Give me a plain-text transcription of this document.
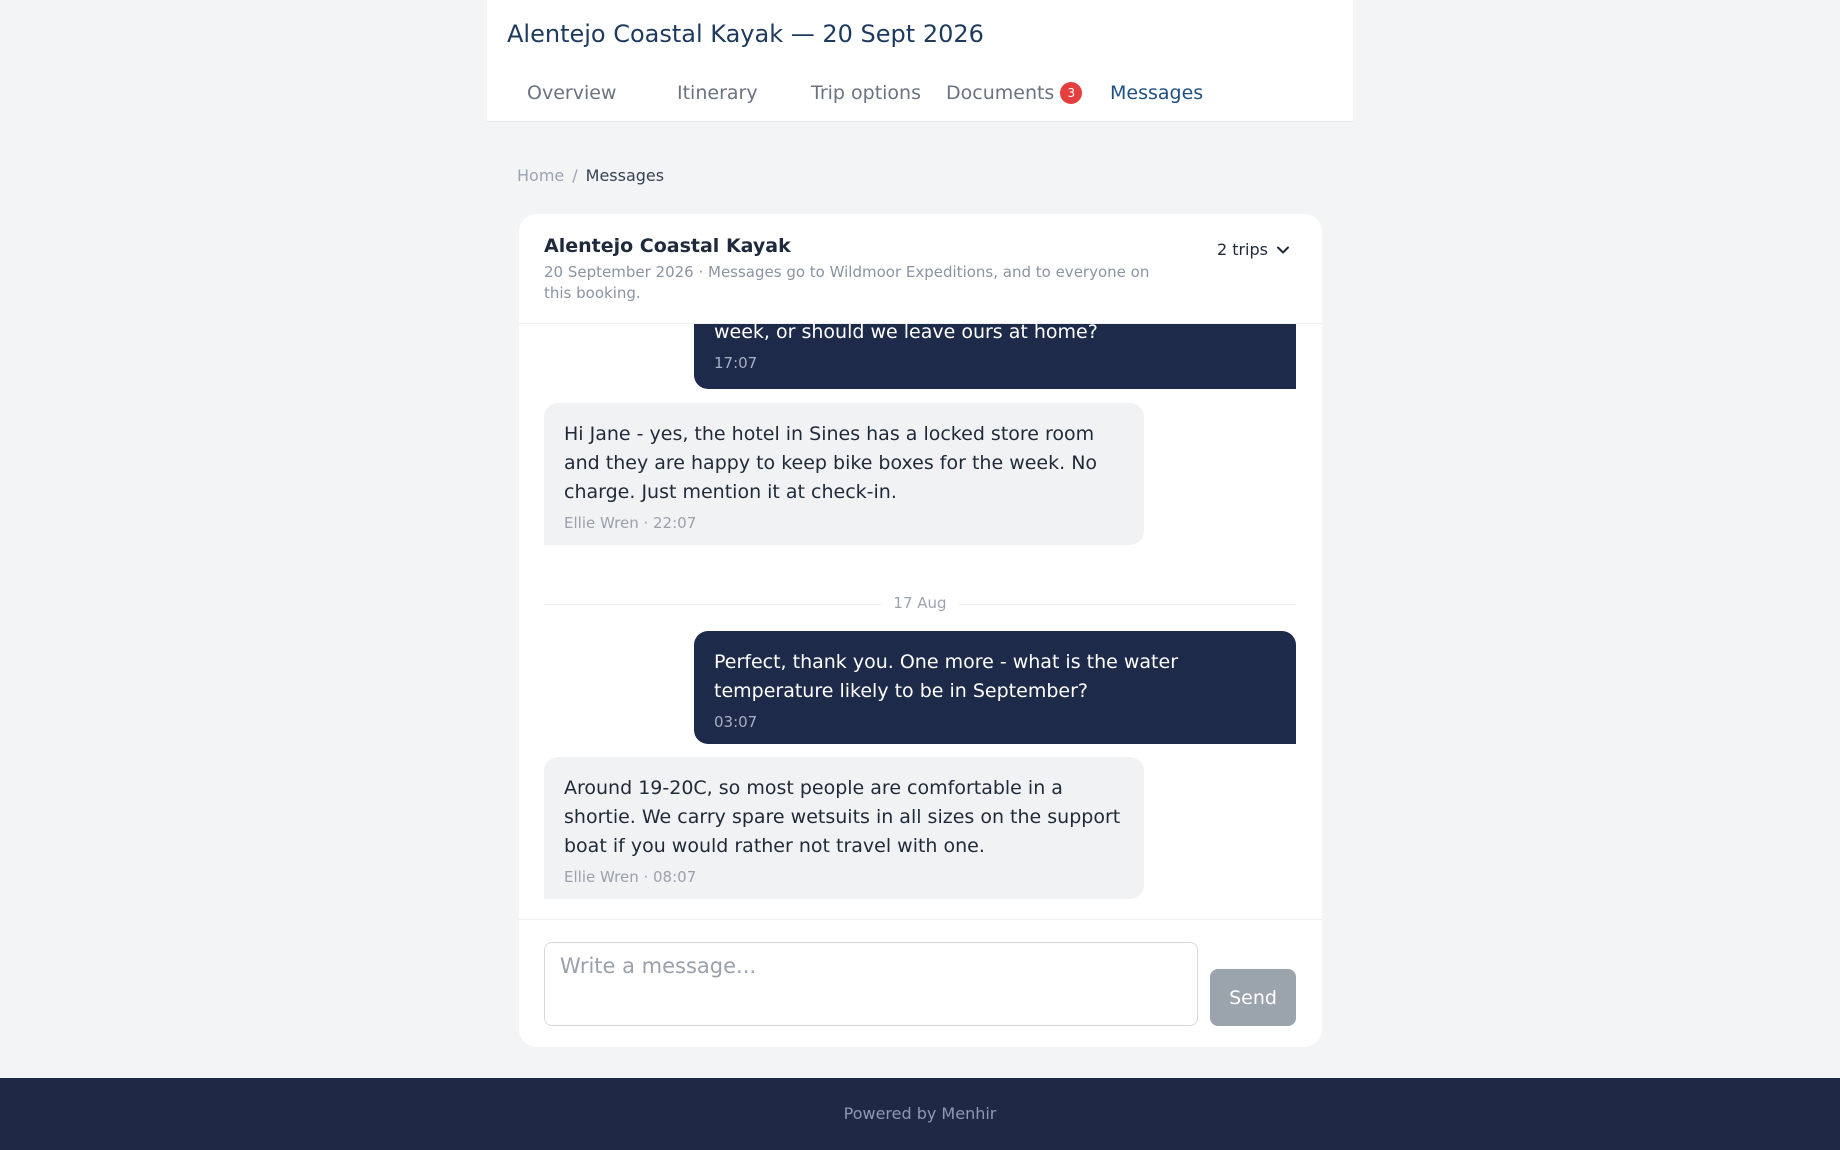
Alentejo Coastal Kayak — 20 Sept 2026
Overview	Itinerary	Trip options Documents 3	Messages
Home / Messages
Alentejo Coastal Kayak
20 September 2026 · Messages go to Wildmoor Expeditions, and to everyone on this booking.
2 trips
week, or should we leave ours at home?
17:07
Hi Jane - yes, the hotel in Sines has a locked store room and they are happy to keep bike boxes for the week. No charge. Just mention it at check-in.
Ellie Wren · 22:07
17 Aug
Perfect, thank you. One more - what is the water temperature likely to be in September?
03:07
Around 19-20C, so most people are comfortable in a shortie. We carry spare wetsuits in all sizes on the support boat if you would rather not travel with one.
Ellie Wren · 08:07
Write a message...
Send
Powered by Menhir
